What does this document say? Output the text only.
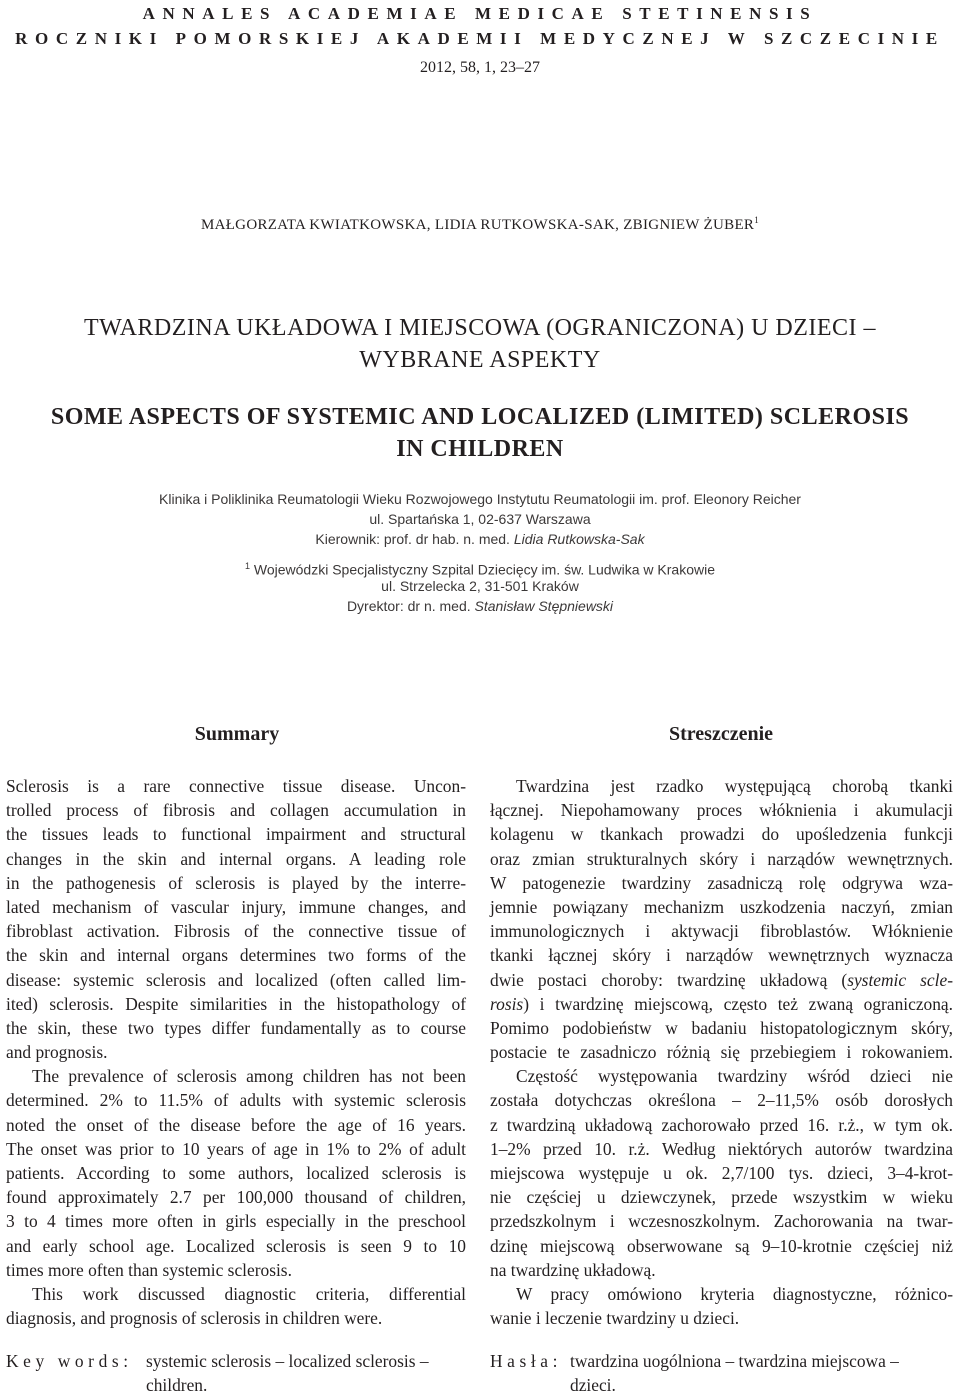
ANNALES ACADEMIAE MEDICAE STETINENSIS
ROCZNIKI POMORSKIEJ AKADEMII MEDYCZNEJ W SZCZECINIE
2012, 58, 1, 23–27
MAŁGORZATA KWIATKOWSKA, LIDIA RUTKOWSKA-SAK, ZBIGNIEW ŻUBER$^1$
TWARDZINA UKŁADOWA I MIEJSCOWA (OGRANICZONA) U DZIECI –
WYBRANE ASPEKTY
SOME ASPECTS OF SYSTEMIC AND LOCALIZED (LIMITED) SCLEROSIS
IN CHILDREN
Klinika i Poliklinika Reumatologii Wieku Rozwojowego Instytutu Reumatologii im. prof. Eleonory Reicher
ul. Spartańska 1, 02-637 Warszawa
Kierownik: prof. dr hab. n. med. Lidia Rutkowska-Sak
$^1$ Wojewódzki Specjalistyczny Szpital Dziecięcy im. św. Ludwika w Krakowie
ul. Strzelecka 2, 31-501 Kraków
Dyrektor: dr n. med. Stanisław Stępniewski
Summary	Streszczenie
Sclerosis is a rare connective tissue disease. Uncon-
trolled process of fibrosis and collagen accumulation in
the tissues leads to functional impairment and structural
changes in the skin and internal organs. A leading role
in the pathogenesis of sclerosis is played by the interre-
lated mechanism of vascular injury, immune changes, and
fibroblast activation. Fibrosis of the connective tissue of
the skin and internal organs determines two forms of the
disease: systemic sclerosis and localized (often called lim-
ited) sclerosis. Despite similarities in the histopathology of
the skin, these two types differ fundamentally as to course
and prognosis.
The prevalence of sclerosis among children has not been
determined. 2% to 11.5% of adults with systemic sclerosis
noted the onset of the disease before the age of 16 years.
The onset was prior to 10 years of age in 1% to 2% of adult
patients. According to some authors, localized sclerosis is
found approximately 2.7 per 100,000 thousand of children,
3 to 4 times more often in girls especially in the preschool
and early school age. Localized sclerosis is seen 9 to 10
times more often than systemic sclerosis.
This work discussed diagnostic criteria, differential
diagnosis, and prognosis of sclerosis in children were.
Twardzina jest rzadko występującą chorobą tkanki
łącznej. Niepohamowany proces włóknienia i akumulacji
kolagenu w tkankach prowadzi do upośledzenia funkcji
oraz zmian strukturalnych skóry i narządów wewnętrznych.
W patogenezie twardziny zasadniczą rolę odgrywa wza-
jemnie powiązany mechanizm uszkodzenia naczyń, zmian
immunologicznych i aktywacji fibroblastów. Włóknienie
tkanki łącznej skóry i narządów wewnętrznych wyznacza
dwie postaci choroby: twardzinę układową (systemic scle-
rosis) i twardzinę miejscową, często też zwaną ograniczoną.
Pomimo podobieństw w badaniu histopatologicznym skóry,
postacie te zasadniczo różnią się przebiegiem i rokowaniem.
Częstość występowania twardziny wśród dzieci nie
została dotychczas określona – 2–11,5% osób dorosłych
z twardziną układową zachorowało przed 16. r.ż., w tym ok.
1–2% przed 10. r.ż. Według niektórych autorów twardzina
miejscowa występuje u ok. 2,7/100 tys. dzieci, 3–4-krot-
nie częściej u dziewczynek, przede wszystkim w wieku
przedszkolnym i wczesnoszkolnym. Zachorowania na twar-
dzinę miejscową obserwowane są 9–10-krotnie częściej niż
na twardzinę układową.
W pracy omówiono kryteria diagnostyczne, różnico-
wanie i leczenie twardziny u dzieci.
Key words: systemic sclerosis – localized sclerosis –
children.
Hasła: twardzina uogólniona – twardzina miejscowa –
dzieci.
